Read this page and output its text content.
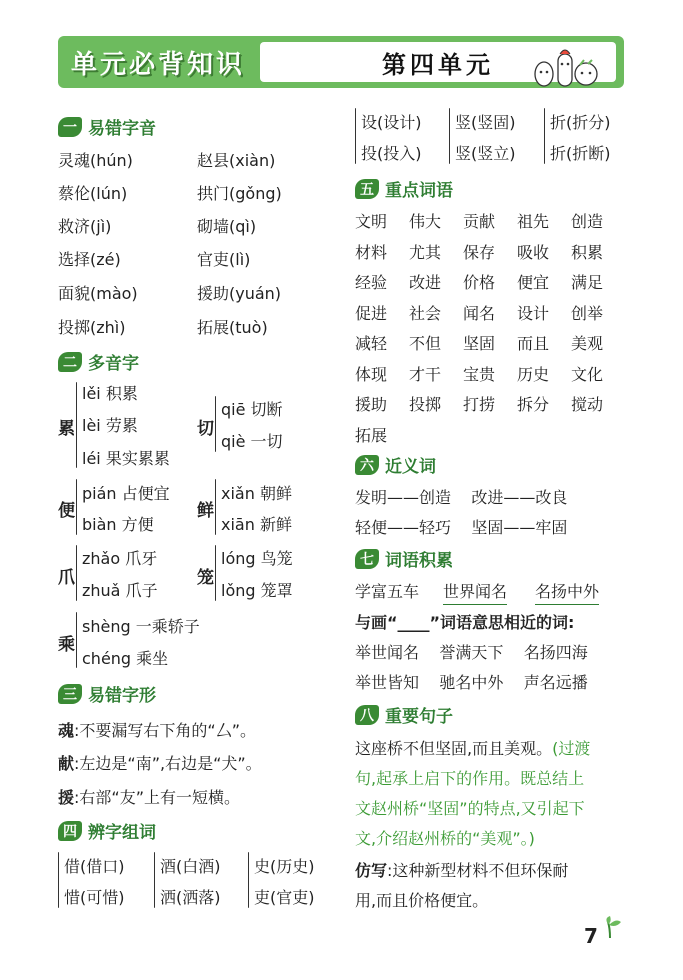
单元必背知识	第四单元
一 易错字音
灵魂(hún)
蔡伦(lún)
救济(jì)
选择(zé)
面貌(mào)
投掷(zhì)
赵县(xiàn)
拱门(gǒng)
砌墙(qì)
官吏(lì)
援助(yuán)
拓展(tuò)
二 多音字
累
lěi 积累
lèi 劳累
léi 果实累累
切
qiē 切断
qiè 一切
便
pián 占便宜
biàn 方便
鲜
xiǎn 朝鲜
xiān 新鲜
爪
zhǎo 爪牙
zhuǎ 爪子
笼
lóng 鸟笼
lǒng 笼罩
乘
shèng 一乘轿子
chéng 乘坐
三 易错字形
魂:不要漏写右下角的“厶”。
献:左边是“南”,右边是“犬”。
援:右部“友”上有一短横。
四 辨字组词
借(借口)
惜(可惜)
酒(白酒)
洒(洒落)
史(历史)
吏(官吏)
设(设计)
投(投入)
竖(竖固)
竖(竖立)
折(折分)
折(折断)
五 重点词语
文明 伟大 贡献 祖先 创造
材料 尤其 保存 吸收 积累
经验 改进 价格 便宜 满足
促进 社会 闻名 设计 创举
减轻 不但 坚固 而且 美观
体现 才干 宝贵 历史 文化
援助 投掷 打捞 拆分 搅动
拓展
六 近义词
发明——创造    改进——改良
轻便——轻巧    坚固——牢固
七 词语积累
学富五车 世界闻名 名扬中外
与画“____”词语意思相近的词:
举世闻名    誉满天下    名扬四海
举世皆知    驰名中外    声名远播
八 重要句子
这座桥不但坚固,而且美观。(过渡
句,起承上启下的作用。既总结上
文赵州桥“坚固”的特点,又引起下
文,介绍赵州桥的“美观”。)
仿写:这种新型材料不但环保耐
用,而且价格便宜。
7
